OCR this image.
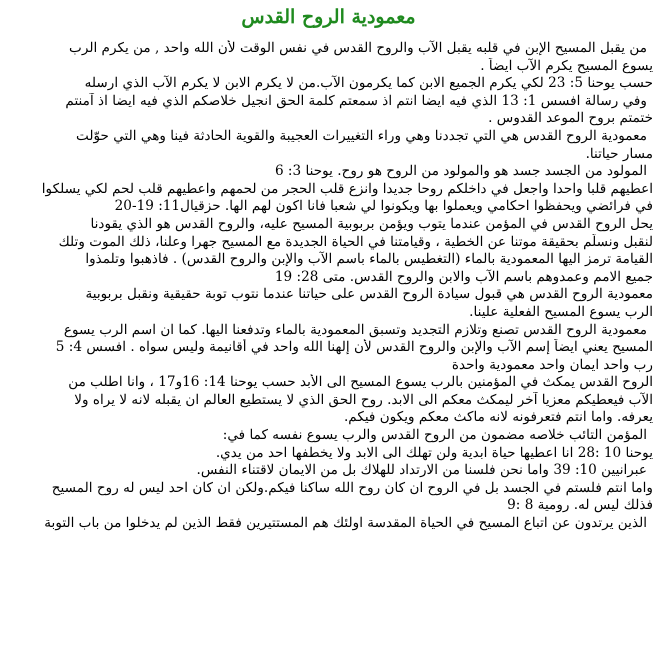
معمودية الروح القدس
من يقبل المسيح الإبن في قلبه يقبل الآب والروح القدس في نفس الوقت لأن الله واحد , من يكرم الرب
يسوع المسيح يكرم الآب ايضاً .
حسب يوحنا 5: 23 لكي يكرم الجميع الابن كما يكرمون الآب.من لا يكرم الابن لا يكرم الآب الذي ارسله
وفي رسالة افسس 1: 13 الذي فيه ايضا انتم اذ سمعتم كلمة الحق انجيل خلاصكم الذي فيه ايضا اذ آمنتم
ختمتم بروح الموعد القدوس .
معمودية الروح القدس هي التي تجددنا وهي وراء التغييرات العجيبة والقوية الحادثة فينا وهي التي حوّلت
مسار حياتنا.
المولود من الجسد جسد هو والمولود من الروح هو روح. يوحنا 3: 6
اعطيهم قلبا واحدا واجعل في داخلكم روحا جديدا وانزع قلب الحجر من لحمهم واعطيهم قلب لحم لكي يسلكوا
في فرائضي ويحفظوا احكامي ويعملوا بها ويكونوا لي شعبا فانا اكون لهم الها. حزقيال11: 19-20
يحل الروح القدس في المؤمن عندما يتوب ويؤمن بربوبية المسيح عليه، والروح القدس هو الذي يقودنا
لنقبل ونسلّم بحقيقة موتنا عن الخطية ، وقيامتنا في الحياة الجديدة مع المسيح جهرا وعلنا، ذلك الموت وتلك
القيامة ترمز اليها المعمودية بالماء (التغطيس بالماء باسم الآب والإبن والروح القدس) . فاذهبوا وتلمذوا
جميع الامم وعمدوهم باسم الآب والابن والروح القدس. متى 28: 19
معمودية الروح القدس هي قبول سيادة الروح القدس على حياتنا عندما نتوب توبة حقيقية ونقبل بربوبية
الرب يسوع المسيح الفعلية علينا.
معمودية الروح القدس تصنع وتلازم التجديد وتسبق المعمودية بالماء وتدفعنا اليها. كما ان اسم الرب يسوع
المسيح يعني ايضاً إسم الآب والإبن والروح القدس لأن إلهنا الله واحد في أقانيمة وليس سواه . افسس 4: 5
رب واحد ايمان واحد معمودية واحدة
الروح القدس يمكث في المؤمنين بالرب يسوع المسيح الى الأبد حسب يوحنا 14: 16و17 ، وانا اطلب من
الآب فيعطيكم معزيا آخر ليمكث معكم الى الابد. روح الحق الذي لا يستطيع العالم ان يقبله لانه لا يراه ولا
يعرفه. واما انتم فتعرفونه لانه ماكث معكم ويكون فيكم.
المؤمن التائب خلاصه مضمون من الروح القدس والرب يسوع نفسه كما في:
يوحنا 10 :28 انا اعطيها حياة ابدية ولن تهلك الى الابد ولا يخطفها احد من يدي.
عبرانيين 10: 39 واما نحن فلسنا من الارتداد للهلاك بل من الايمان لاقتناء النفس.
واما انتم فلستم في الجسد بل في الروح ان كان روح الله ساكنا فيكم.ولكن ان كان احد ليس له روح المسيح
فذلك ليس له. رومية 8 :9
الذين يرتدون عن اتباع المسيح في الحياة المقدسة اولئك هم المستتيرين فقط الذين لم يدخلوا من باب التوبة
